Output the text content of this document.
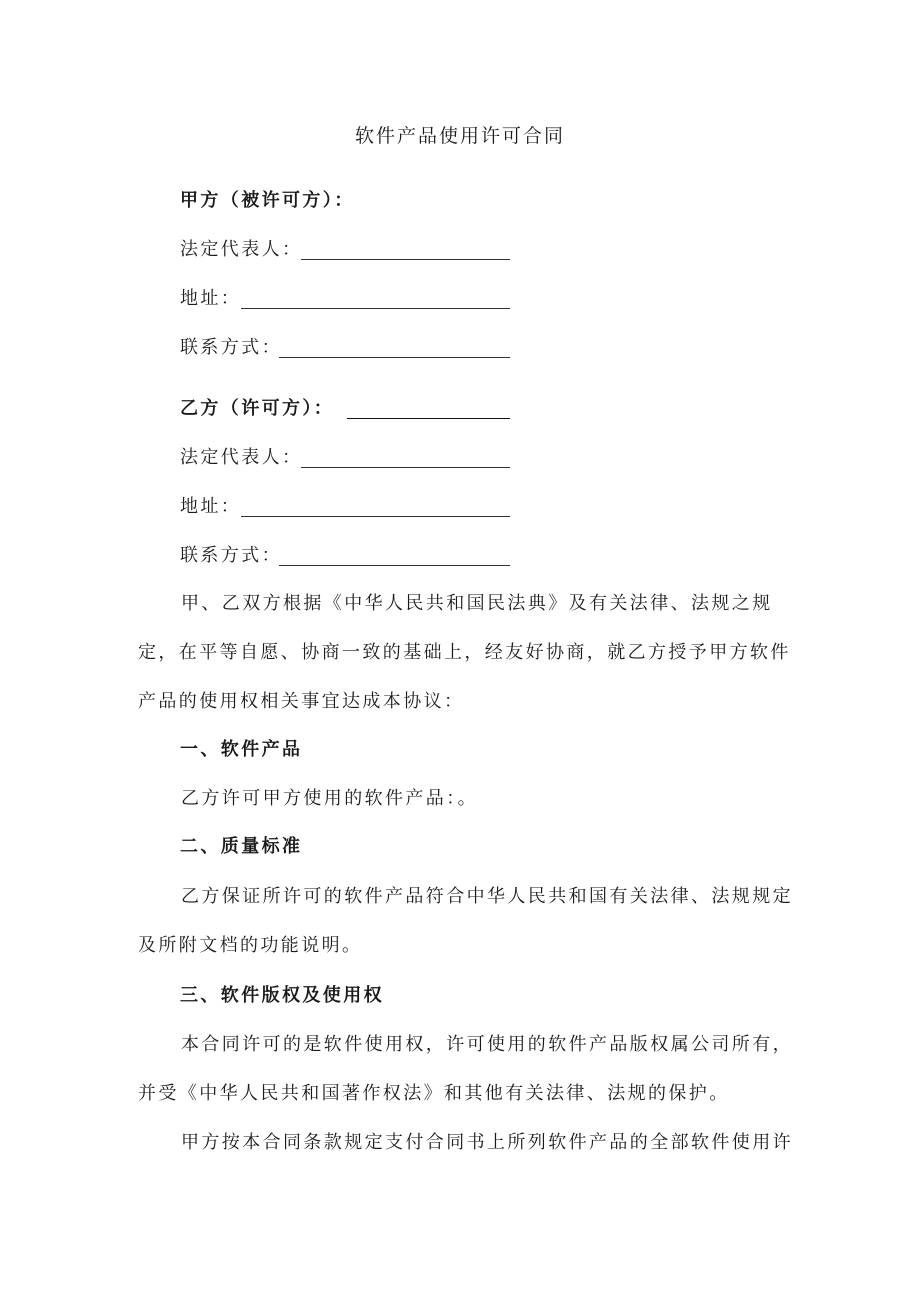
软件产品使用许可合同
甲方（被许可方）：
法定代表人：
地址：
联系方式：
乙方（许可方）：
法定代表人：
地址：
联系方式：

甲、乙双方根据《中华人民共和国民法典》及有关法律、法规之规定，在平等自愿、协商一致的基础上，经友好协商，就乙方授予甲方软件产品的使用权相关事宜达成本协议：

一、软件产品

乙方许可甲方使用的软件产品：。

二、质量标准

乙方保证所许可的软件产品符合中华人民共和国有关法律、法规规定及所附文档的功能说明。

三、软件版权及使用权

本合同许可的是软件使用权，许可使用的软件产品版权属公司所有，并受《中华人民共和国著作权法》和其他有关法律、法规的保护。

甲方按本合同条款规定支付合同书上所列软件产品的全部软件使用许
